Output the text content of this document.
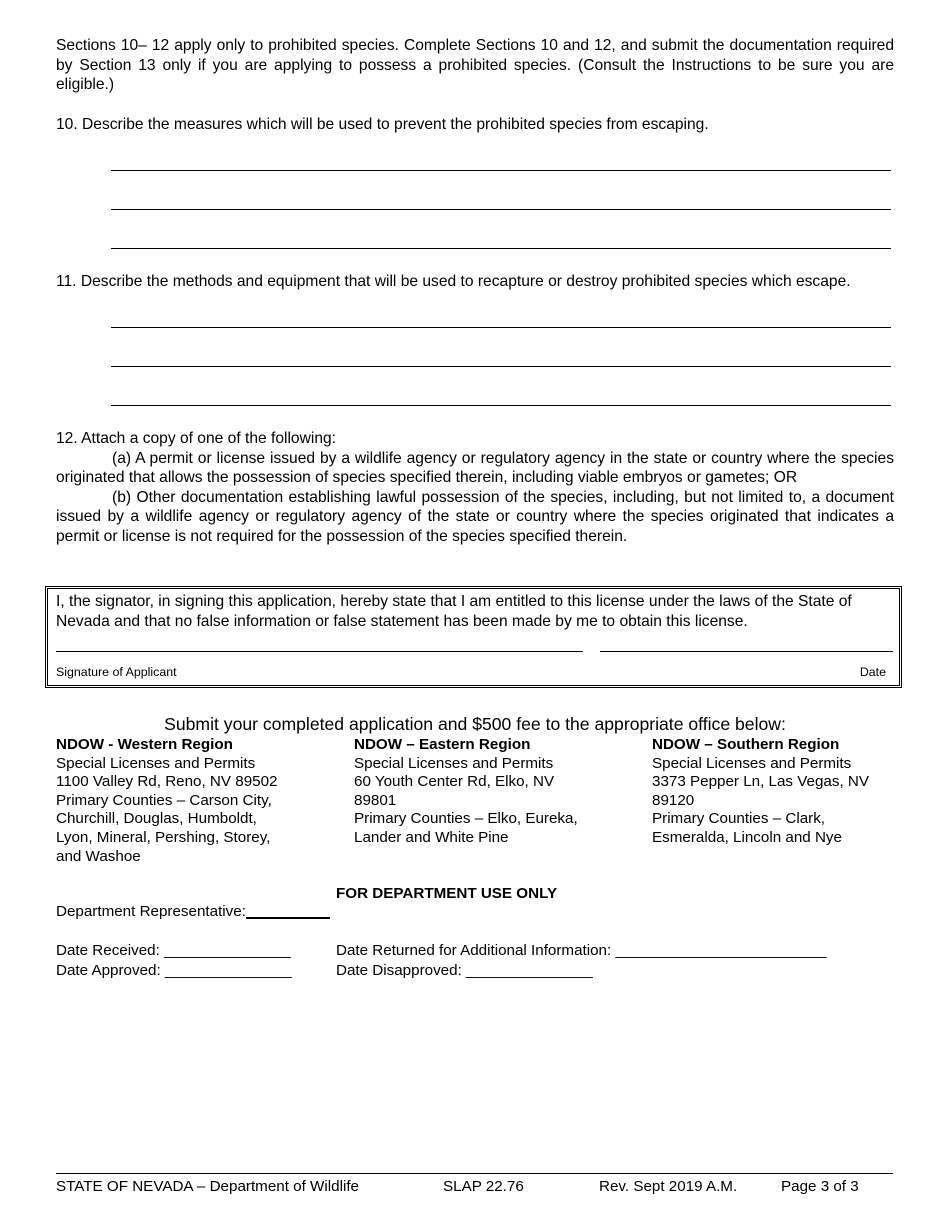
Sections 10– 12 apply only to prohibited species. Complete Sections 10 and 12, and submit the documentation required by Section 13 only if you are applying to possess a prohibited species. (Consult the Instructions to be sure you are eligible.)
10. Describe the measures which will be used to prevent the prohibited species from escaping.
11. Describe the methods and equipment that will be used to recapture or destroy prohibited species which escape.
12. Attach a copy of one of the following:
(a) A permit or license issued by a wildlife agency or regulatory agency in the state or country where the species originated that allows the possession of species specified therein, including viable embryos or gametes; OR
(b) Other documentation establishing lawful possession of the species, including, but not limited to, a document issued by a wildlife agency or regulatory agency of the state or country where the species originated that indicates a permit or license is not required for the possession of the species specified therein.
I, the signator, in signing this application, hereby state that I am entitled to this license under the laws of the State of Nevada and that no false information or false statement has been made by me to obtain this license.
Signature of Applicant	Date
Submit your completed application and $500 fee to the appropriate office below:
NDOW - Western Region
Special Licenses and Permits
1100 Valley Rd, Reno, NV 89502
Primary Counties – Carson City,
Churchill, Douglas, Humboldt,
Lyon, Mineral, Pershing, Storey,
and Washoe
NDOW – Eastern Region
Special Licenses and Permits
60 Youth Center Rd, Elko, NV
89801
Primary Counties – Elko, Eureka,
Lander and White Pine
NDOW – Southern Region
Special Licenses and Permits
3373 Pepper Ln, Las Vegas, NV
89120
Primary Counties – Clark,
Esmeralda, Lincoln and Nye
FOR DEPARTMENT USE ONLY
Department Representative:
Date Received: _______________
Date Approved: _______________
Date Returned for Additional Information: _________________________
Date Disapproved: _______________
STATE OF NEVADA – Department of Wildlife	SLAP 22.76	Rev. Sept 2019 A.M.	Page 3 of 3
